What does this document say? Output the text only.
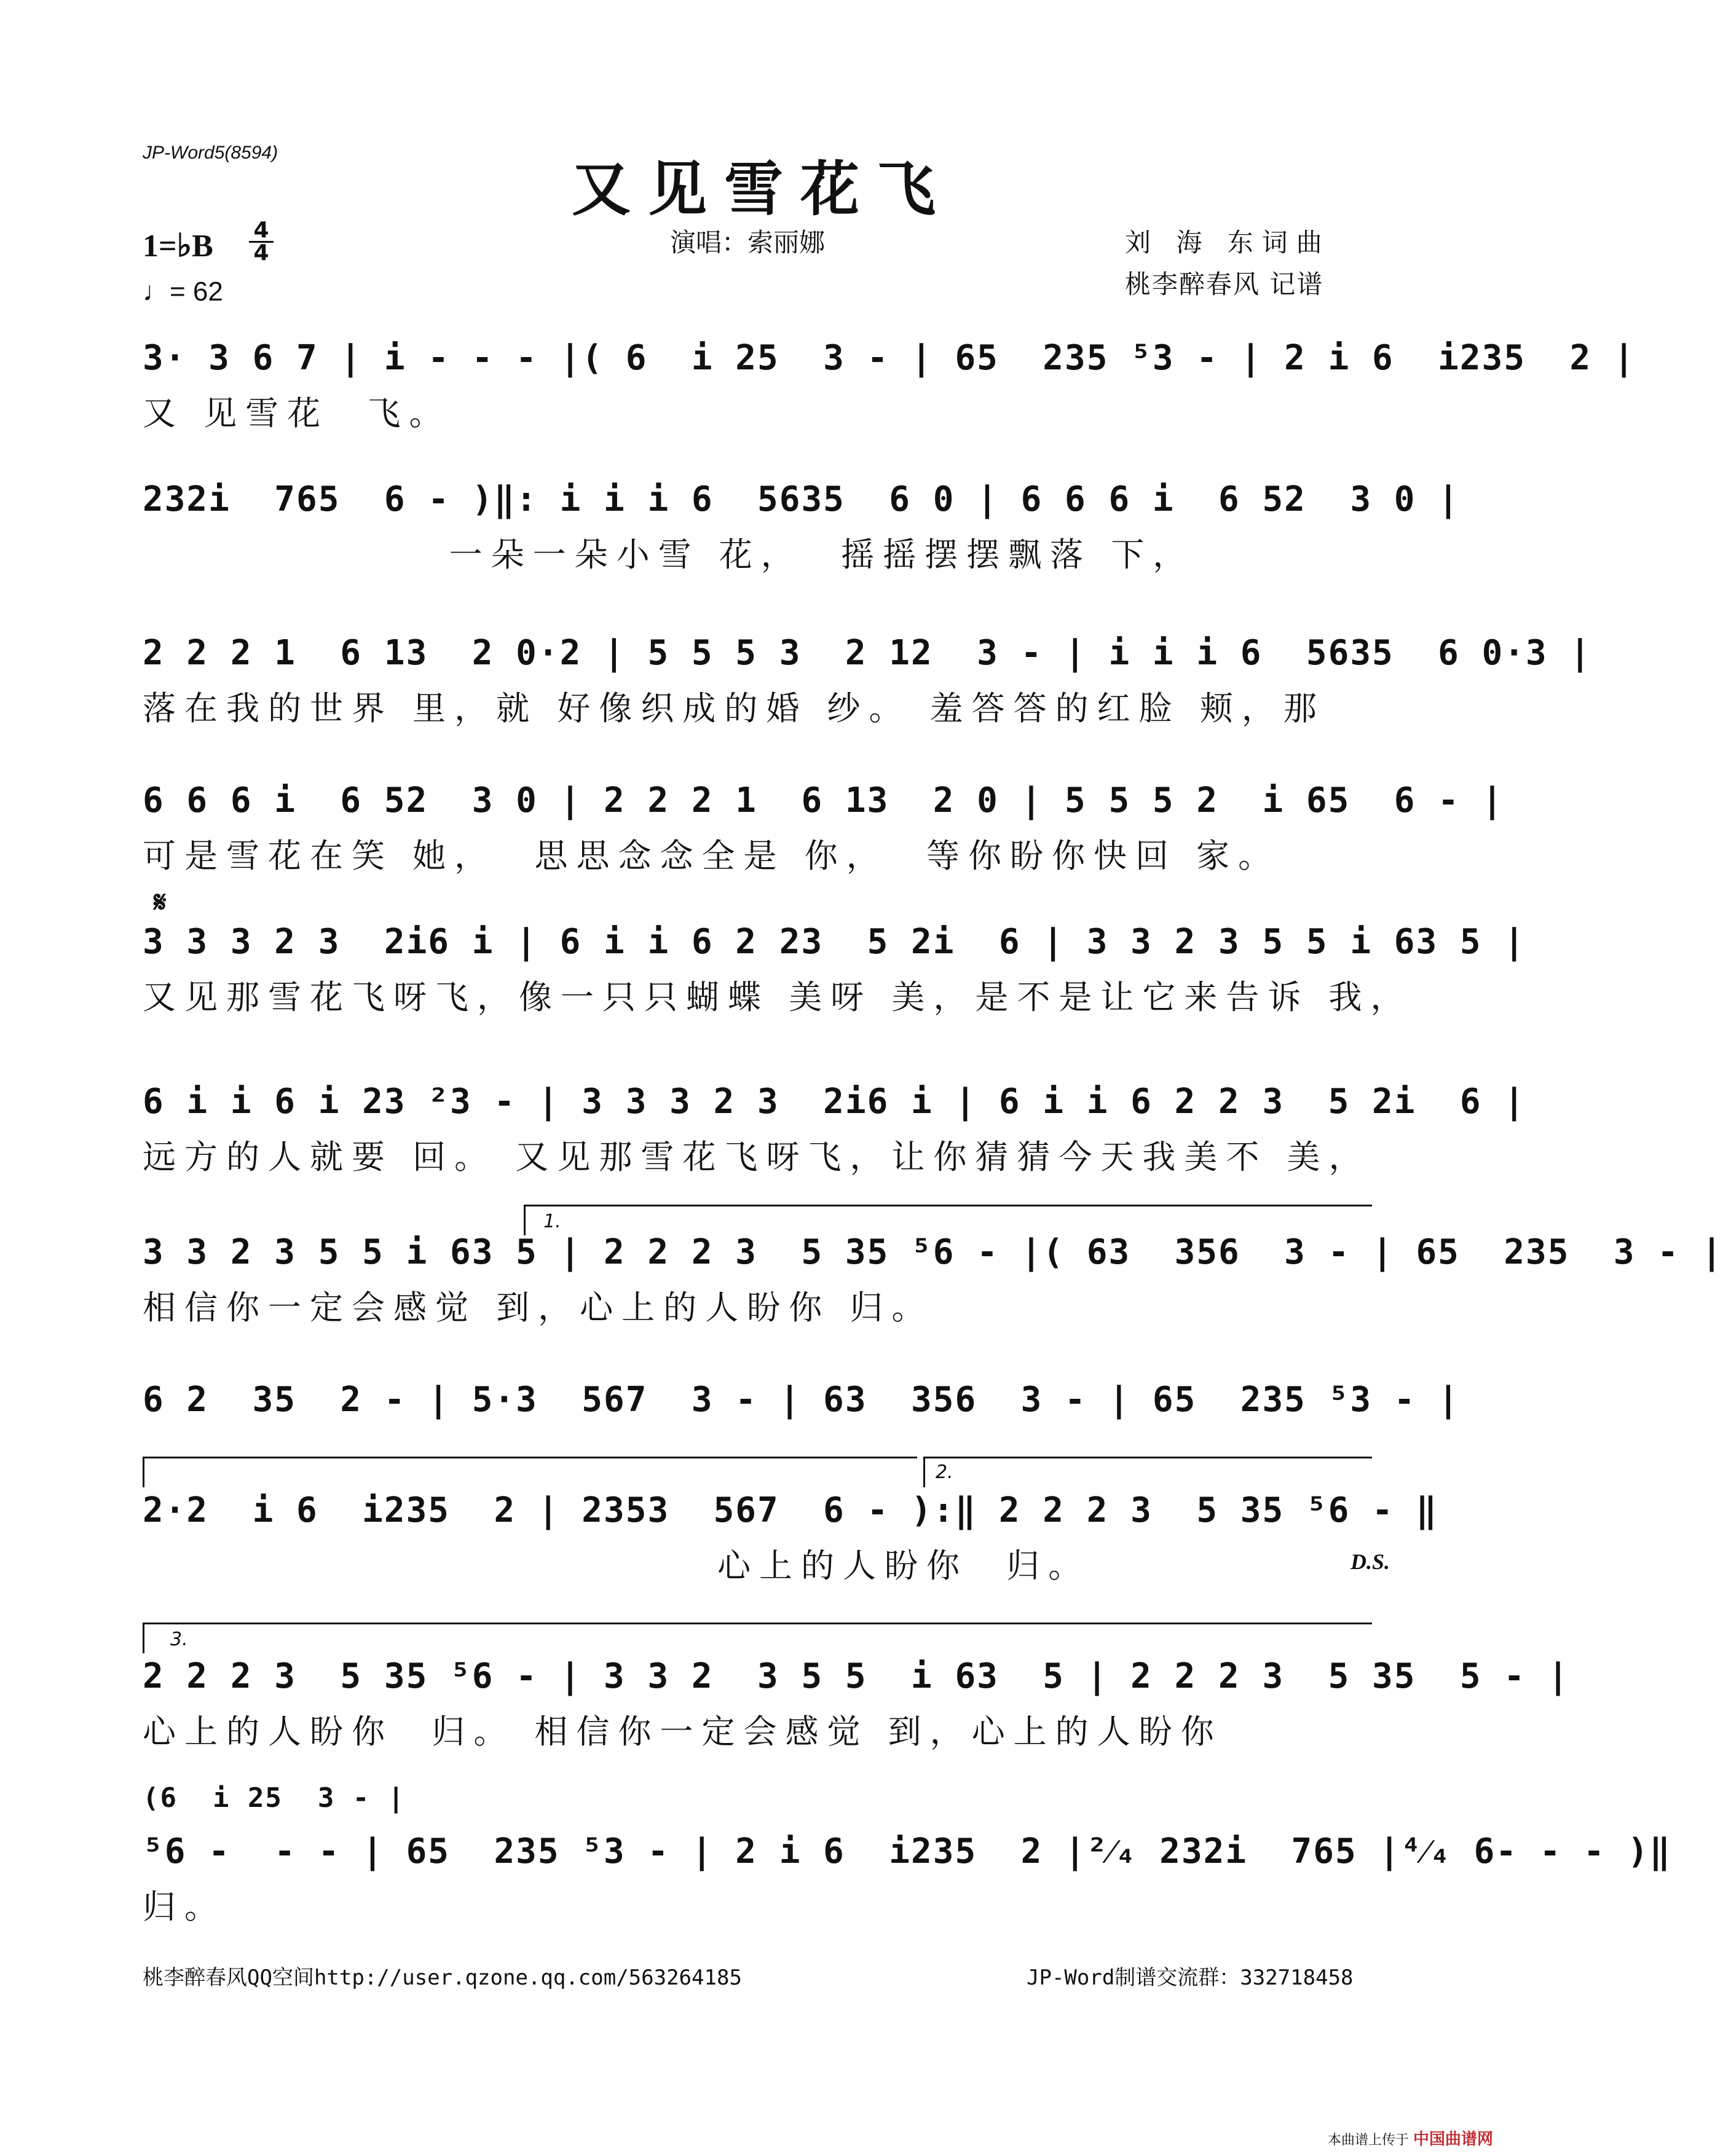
JP-Word5(8594)
又见雪花飞
演唱：索丽娜	刘 海 东词曲
桃李醉春风 记谱
1=♭B $\frac{4}{4}$
♩= 62
3· 3 6 7 | i - - - |( 6  i 25  3 - | 65  235 ⁵3 - | 2 i 6  i235  2 |
又 见雪花  飞。
232i  765  6 - )‖: i i i 6  5635  6 0 | 6 6 6 i  6 52  3 0 |
一朵一朵小雪 花，  摇摇摆摆飘落 下，
2 2 2 1  6 13  2 0·2 | 5 5 5 3  2 12  3 - | i i i 6  5635  6 0·3 |
落在我的世界 里，就 好像织成的婚 纱。 羞答答的红脸 颊，那
6 6 6 i  6 52  3 0 | 2 2 2 1  6 13  2 0 | 5 5 5 2  i 65  6 - |
可是雪花在笑 她，  思思念念全是 你，  等你盼你快回 家。
𝄋
3 3 3 2 3  2i6 i | 6 i i 6 2 23  5 2i  6 | 3 3 2 3 5 5 i 63 5 |
又见那雪花飞呀飞，像一只只蝴蝶 美呀 美，是不是让它来告诉 我，
6 i i 6 i 23 ²3 - | 3 3 3 2 3  2i6 i | 6 i i 6 2 2 3  5 2i  6 |
远方的人就要 回。 又见那雪花飞呀飞，让你猜猜今天我美不 美，
1.
3 3 2 3 5 5 i 63 5 | 2 2 2 3  5 35 ⁵6 - |( 63  356  3 - | 65  235  3 - |
相信你一定会感觉 到，心上的人盼你 归。
6 2  35  2 - | 5·3  567  3 - | 63  356  3 - | 65  235 ⁵3 - |
2.
2·2  i 6  i235  2 | 2353  567  6 - ):‖ 2 2 2 3  5 35 ⁵6 - ‖
心上的人盼你  归。	D.S.
3.
2 2 2 3  5 35 ⁵6 - | 3 3 2  3 5 5  i 63  5 | 2 2 2 3  5 35  5 - |
心上的人盼你  归。 相信你一定会感觉 到，心上的人盼你
(6  i 25  3 - |
⁵6 -  - - | 65  235 ⁵3 - | 2 i 6  i235  2 |²⁄₄ 232i  765 |⁴⁄₄ 6- - - )‖
归。
桃李醉春风QQ空间http://user.qzone.qq.com/563264185	JP-Word制谱交流群：332718458
本曲谱上传于 中国曲谱网
